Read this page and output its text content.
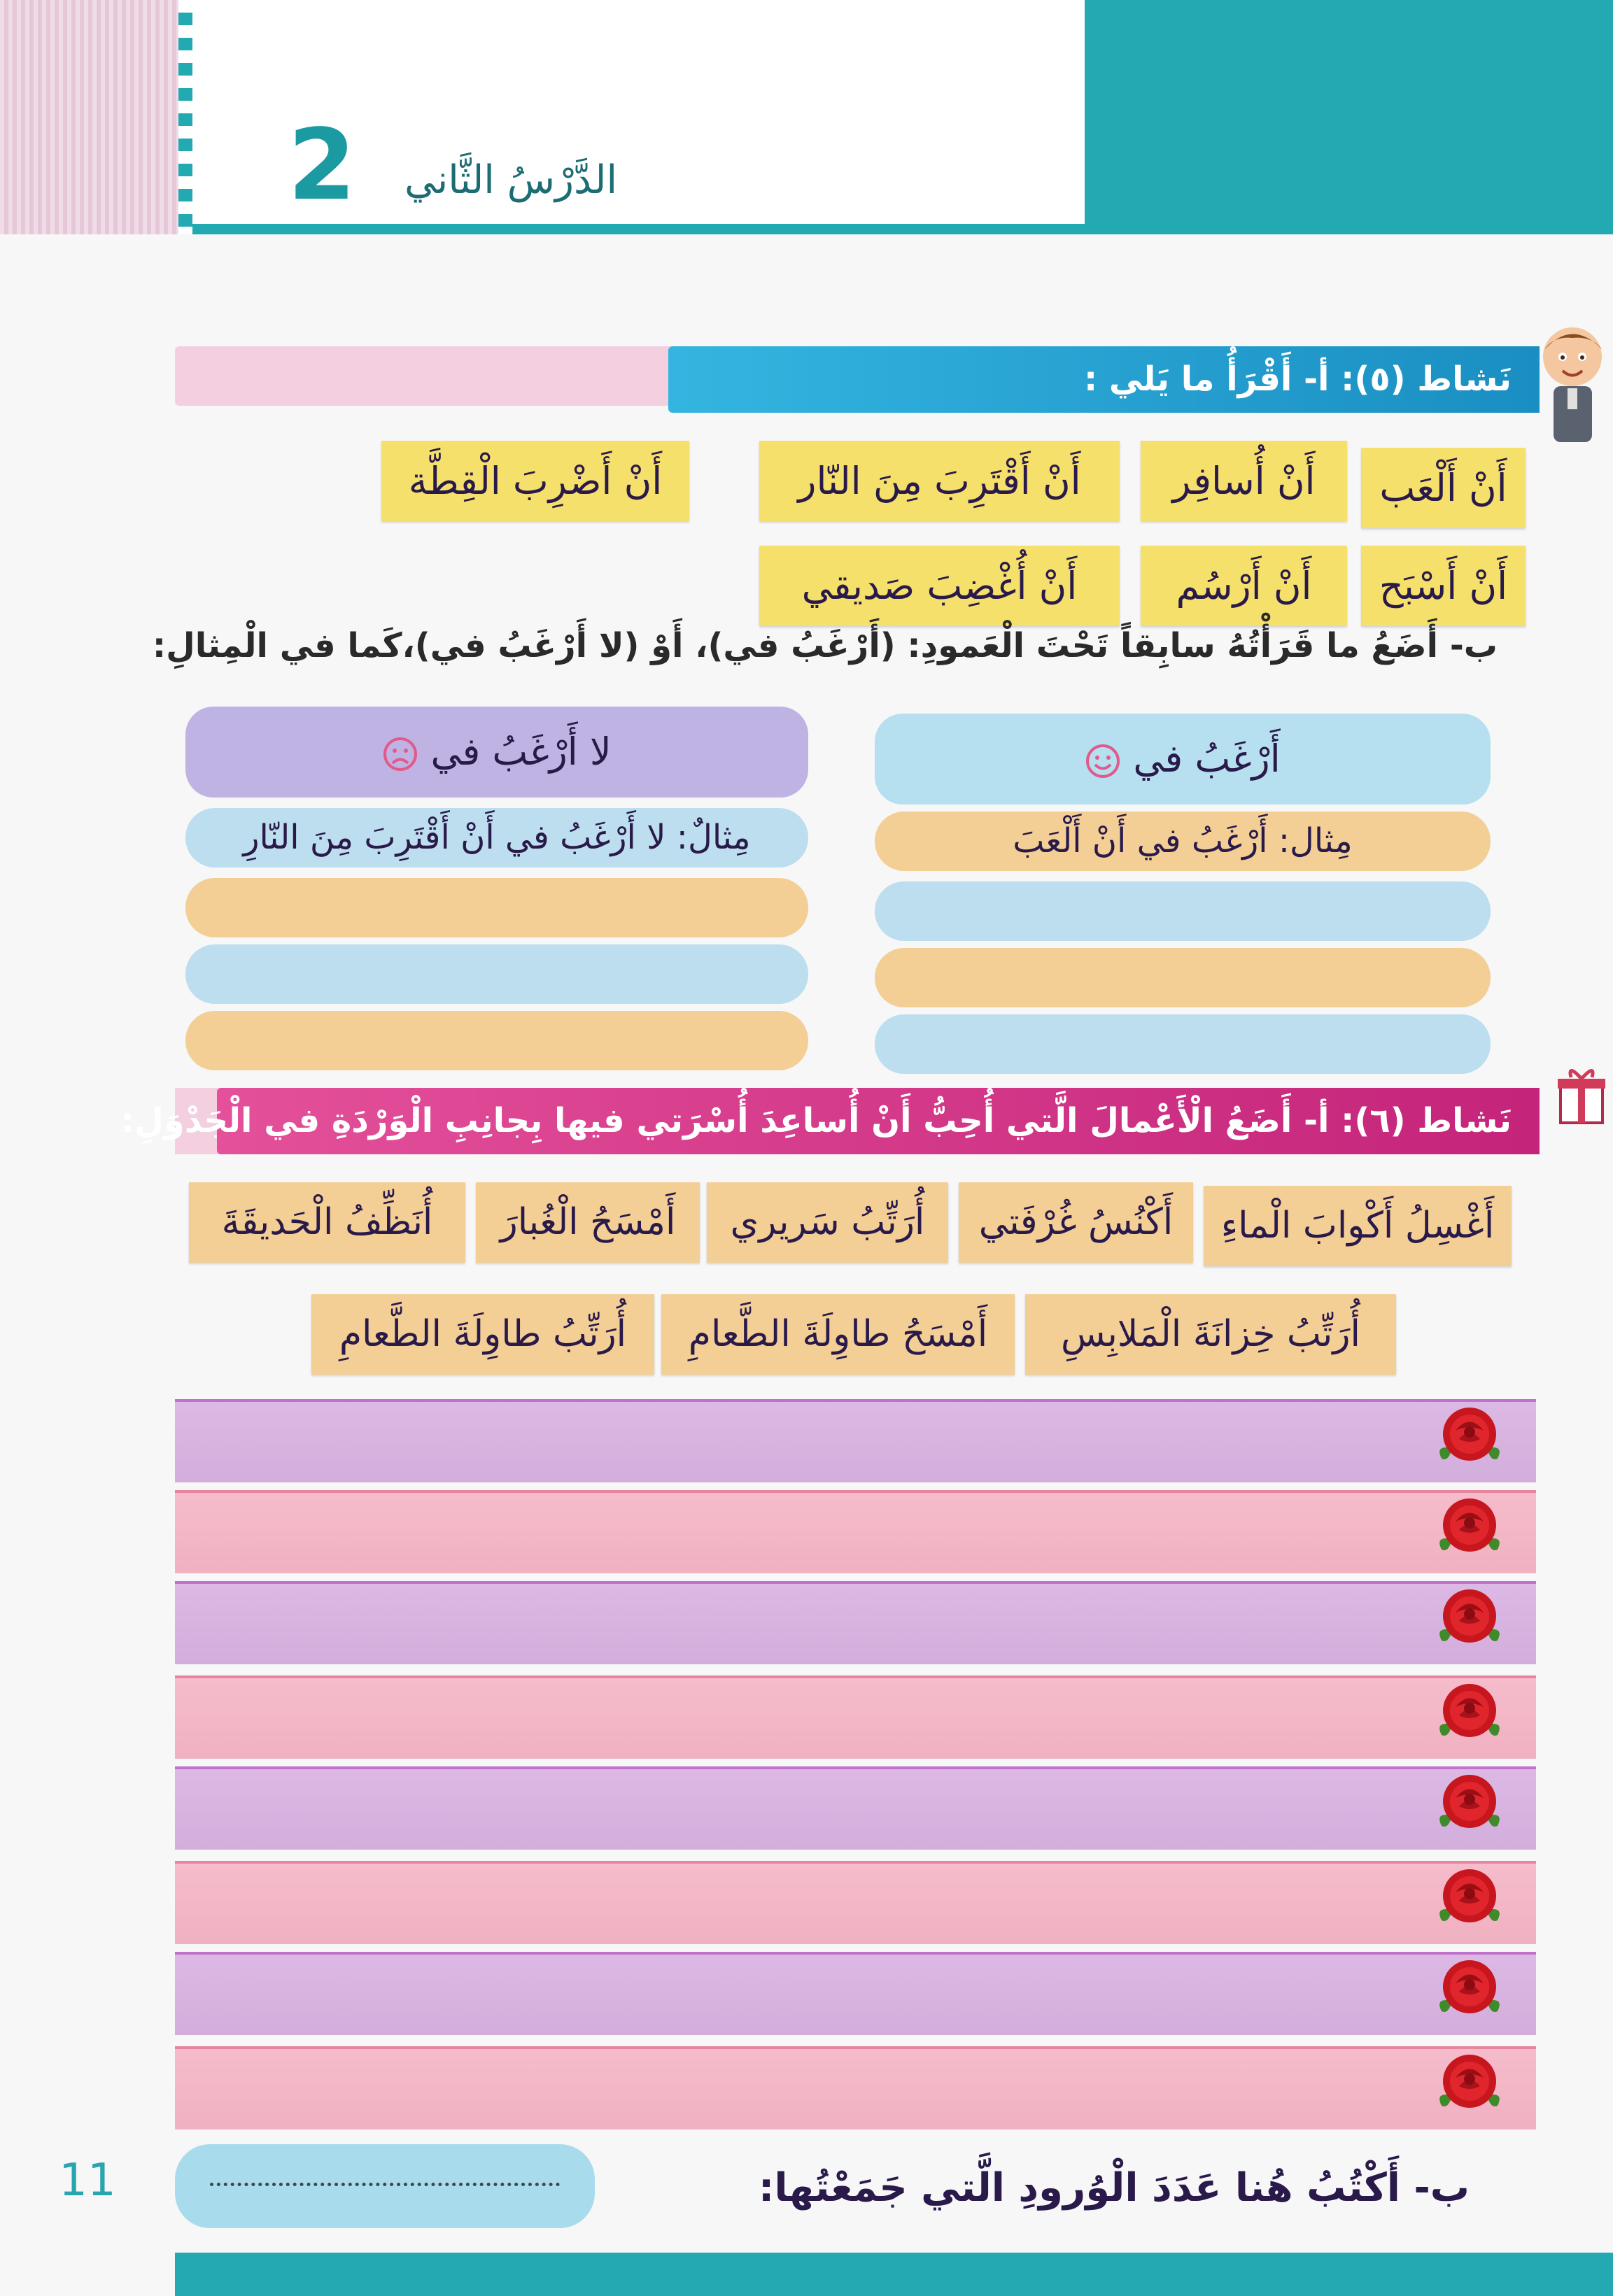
2	الدَّرْسُ الثَّاني
نَشاط (٥): أ- أَقْرَأُ ما يَلي :
أَنْ أَلْعَب
أَنْ أُسافِر
أَنْ أَقْتَرِبَ مِنَ النّار
أَنْ أَضْرِبَ الْقِطَّة
أَنْ أَسْبَح
أَنْ أَرْسُم
أَنْ أُغْضِبَ صَديقي
ب- أَضَعُ ما قَرَأْتُهُ سابِقاً تَحْتَ الْعَمودِ: (أَرْغَبُ في)، أَوْ (لا أَرْغَبُ في)،كَما في الْمِثالِ:
أَرْغَبُ في
مِثال: أَرْغَبُ في أَنْ أَلْعَبَ
لا أَرْغَبُ في
مِثالٌ: لا أَرْغَبُ في أَنْ أَقْتَرِبَ مِنَ النّارِ
نَشاط (٦): أ- أَضَعُ الْأَعْمالَ الَّتي أُحِبُّ أَنْ أُساعِدَ أُسْرَتي فيها بِجانِبِ الْوَرْدَةِ في الْجَدْوَلِ:
أَغْسِلُ أَكْوابَ الْماءِ
أَكْنُسُ غُرْفَتي
أُرَتِّبُ سَريري
أَمْسَحُ الْغُبارَ
أُنَظِّفُ الْحَديقَةَ
أُرَتِّبُ خِزانَةَ الْمَلابِسِ
أَمْسَحُ طاوِلَةَ الطَّعامِ
أُرَتِّبُ طاوِلَةَ الطَّعامِ
ب- أَكْتُبُ هُنا عَدَدَ الْوُرودِ الَّتي جَمَعْتُها:
11
